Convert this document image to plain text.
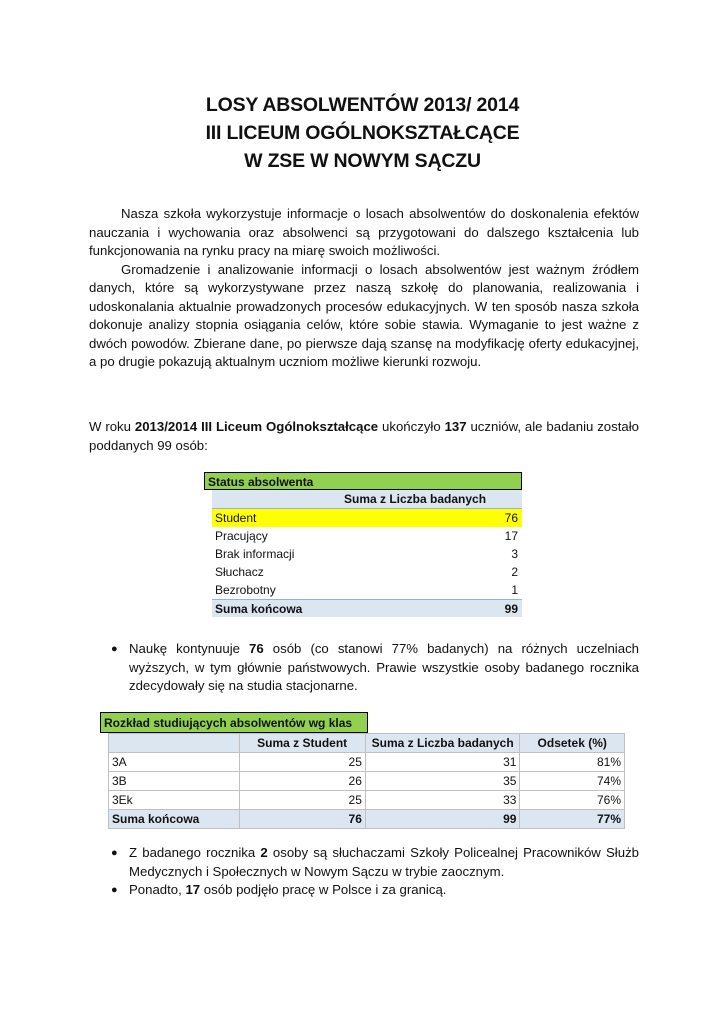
LOSY ABSOLWENTÓW 2013/ 2014
III LICEUM OGÓLNOKSZTAŁCĄCE
W ZSE W NOWYM SĄCZU

Nasza szkoła wykorzystuje informacje o losach absolwentów do doskonalenia efektów nauczania i wychowania oraz absolwenci są przygotowani do dalszego kształcenia lub funkcjonowania na rynku pracy na miarę swoich możliwości.

Gromadzenie i analizowanie informacji o losach absolwentów jest ważnym źródłem danych, które są wykorzystywane przez naszą szkołę do planowania, realizowania i udoskonalania aktualnie prowadzonych procesów edukacyjnych. W ten sposób nasza szkoła dokonuje analizy stopnia osiągania celów, które sobie stawia. Wymaganie to jest ważne z dwóch powodów. Zbierane dane, po pierwsze dają szansę na modyfikację oferty edukacyjnej, a po drugie pokazują aktualnym uczniom możliwe kierunki rozwoju.

W roku 2013/2014 III Liceum Ogólnokształcące ukończyło 137 uczniów, ale badaniu zostało poddanych 99 osób:

Status absolwenta
Suma z Liczba badanych
Student	76
Pracujący	17
Brak informacji	3
Słuchacz	2
Bezrobotny	1
Suma końcowa	99
● Naukę kontynuuje 76 osób (co stanowi 77% badanych) na różnych uczelniach wyższych, w tym głównie państwowych. Prawie wszystkie osoby badanego rocznika zdecydowały się na studia stacjonarne.
Rozkład studiujących absolwentów wg klas
	Suma z Student	Suma z Liczba badanych	Odsetek (%)
3A	25	31	81%
3B	26	35	74%
3Ek	25	33	76%
Suma końcowa	76	99	77%
● Z badanego rocznika 2 osoby są słuchaczami Szkoły Policealnej Pracowników Służb Medycznych i Społecznych w Nowym Sączu w trybie zaocznym.
● Ponadto, 17 osób podjęło pracę w Polsce i za granicą.
